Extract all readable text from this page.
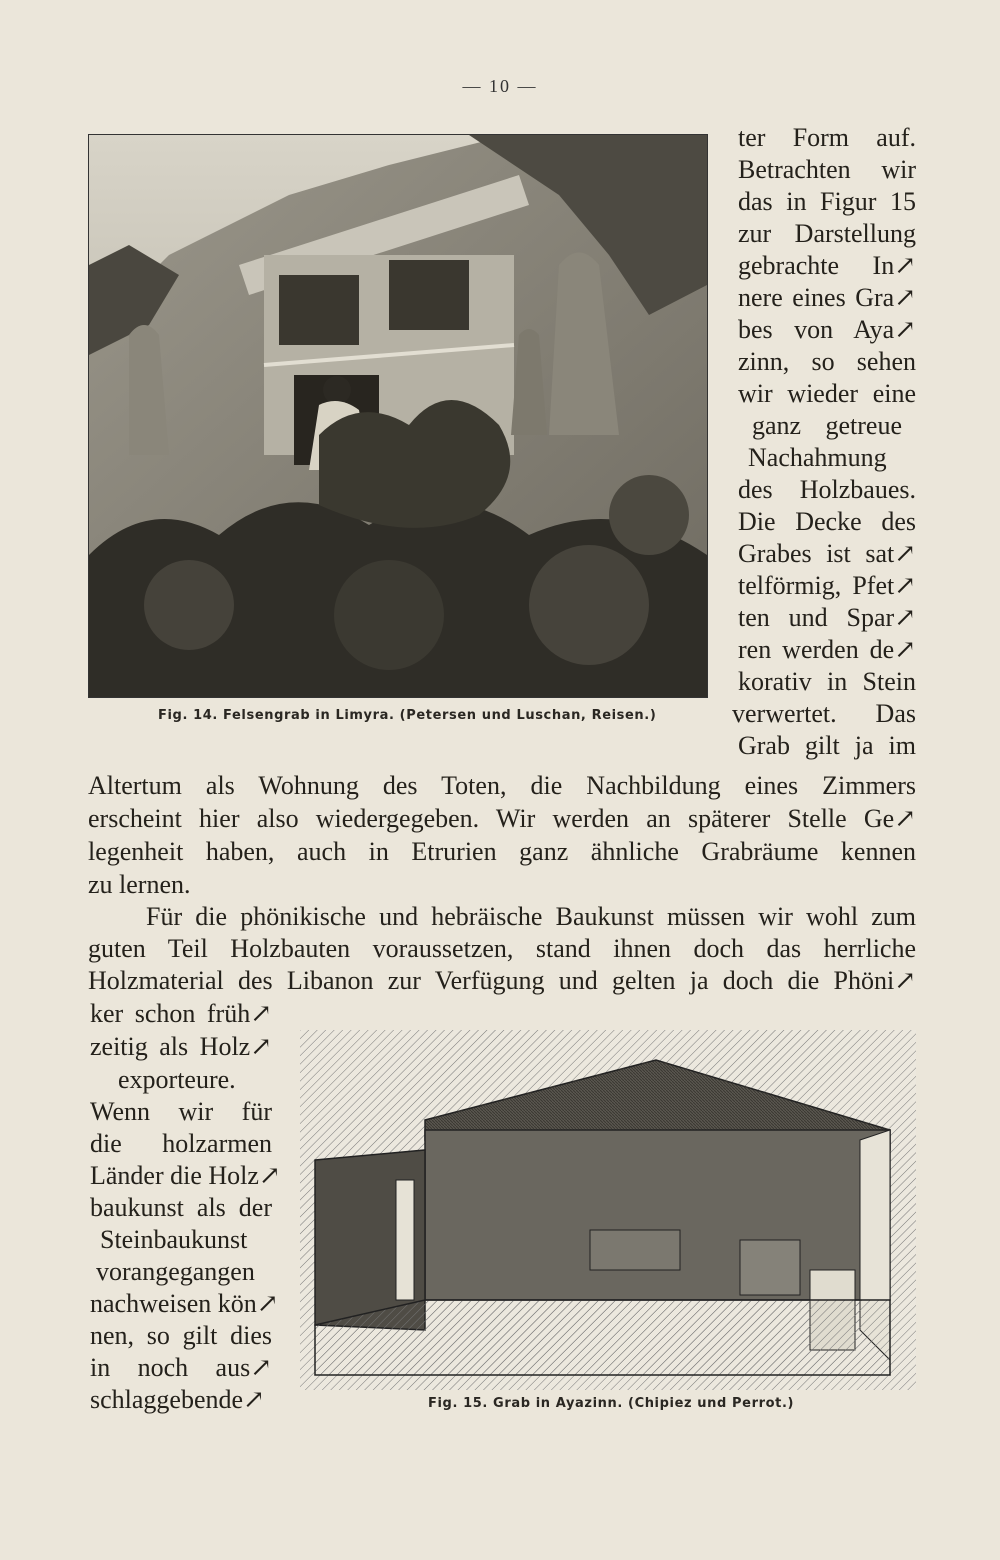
— 10 —
Fig. 14. Felsengrab in Limyra. (Petersen und Luschan, Reisen.)
ter Form auf.
Betrachten wir
das in Figur 15
zur Darstellung
gebrachte In↗
nere eines Gra↗
bes von Aya↗
zinn, so sehen
wir wieder eine
ganz getreue
Nachahmung
des Holzbaues.
Die Decke des
Grabes ist sat↗
telförmig, Pfet↗
ten und Spar↗
ren werden de↗
korativ in Stein
verwertet. Das
Grab gilt ja im
Altertum als Wohnung des Toten, die Nachbildung eines Zimmers
erscheint hier also wiedergegeben. Wir werden an späterer Stelle Ge↗
legenheit haben, auch in Etrurien ganz ähnliche Grabräume kennen
zu lernen.
Für die phönikische und hebräische Baukunst müssen wir wohl zum
guten Teil Holzbauten voraussetzen, stand ihnen doch das herrliche
Holzmaterial des Libanon zur Verfügung und gelten ja doch die Phöni↗
ker schon früh↗
zeitig als Holz↗
exporteure.
Wenn wir für
die holzarmen
Länder die Holz↗
baukunst als der
Steinbaukunst
vorangegangen
nachweisen kön↗
nen, so gilt dies
in noch aus↗
schlaggebende↗	Fig. 15. Grab in Ayazinn. (Chipiez und Perrot.)
